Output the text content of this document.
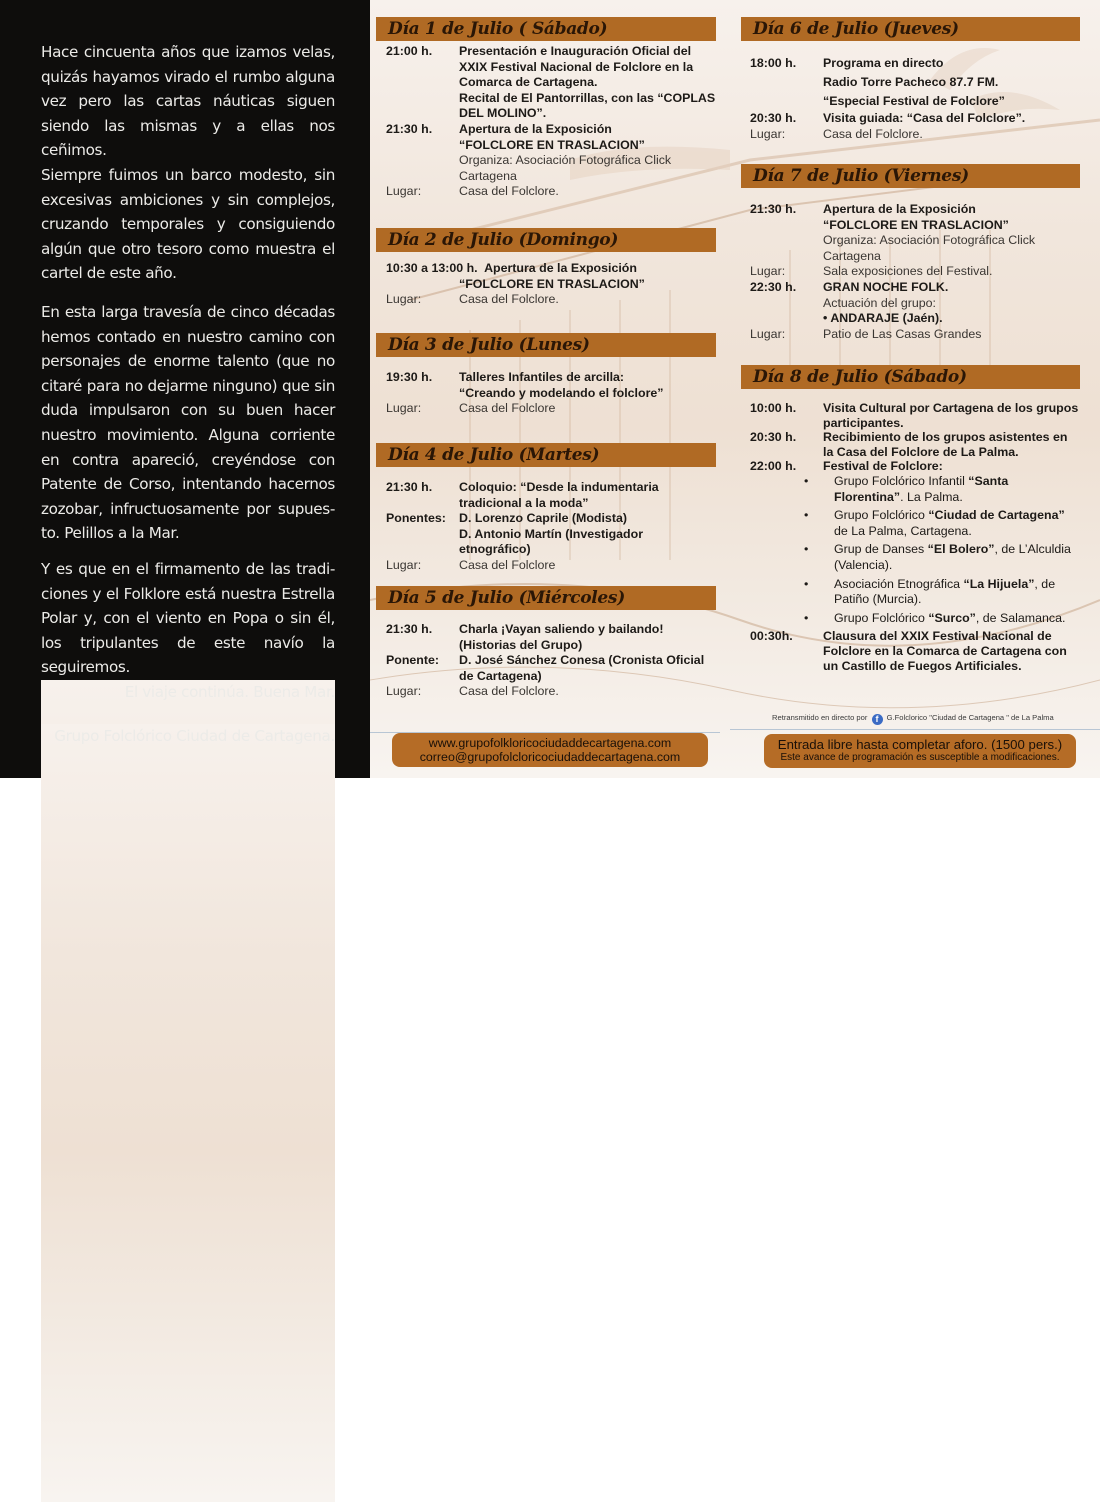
Hace cincuenta años que izamos velas, quizás hayamos virado el rumbo alguna vez pero las cartas náuticas siguen siendo las mismas y a ellas nos ceñimos.
Siempre fuimos un barco modesto, sin excesivas ambiciones y sin complejos, cruzando temporales y consiguiendo algún que otro tesoro como muestra el cartel de este año.
En esta larga travesía de cinco décadas hemos contado en nuestro camino con personajes de enorme talento (que no citaré para no dejarme ninguno) que sin duda impulsaron con su buen hacer nuestro movimiento. Alguna corriente en contra apareció, creyéndose con Patente de Corso, intentando hacernos zozobar, infructuosamente por supues-to. Pelillos a la Mar.
Y es que en el firmamento de las tradi-ciones y el Folklore está nuestra Estrella Polar y, con el viento en Popa o sin él, los tripulantes de este navío la seguiremos.
El viaje continúa. Buena Mar.
Grupo Folclórico Ciudad de Cartagena.
Día 1 de Julio ( Sábado)
21:00 h.	Presentación e Inauguración Oficial del XXIX Festival Nacional de Folclore en la Comarca de Cartagena.
Recital de El Pantorrillas, con las “COPLAS DEL MOLINO”.
21:30 h.	Apertura de la Exposición
“FOLCLORE EN TRASLACION”
Organiza: Asociación Fotográfica Click Cartagena
Lugar:	Casa del Folclore.
Día 2 de Julio (Domingo)
10:30 a 13:00 h. Apertura de la Exposición
“FOLCLORE EN TRASLACION”
Lugar:	Casa del Folclore.
Día 3 de Julio (Lunes)
19:30 h.	Talleres Infantiles de arcilla:
“Creando y modelando el folclore”
Lugar:	Casa del Folclore
Día 4 de Julio (Martes)
21:30 h.	Coloquio: “Desde la indumentaria tradicional a la moda”
Ponentes:	D. Lorenzo Caprile (Modista)
D. Antonio Martín (Investigador etnográfico)
Lugar:	Casa del Folclore
Día 5 de Julio (Miércoles)
21:30 h.	Charla ¡Vayan saliendo y bailando! (Historias del Grupo)
Ponente:	D. José Sánchez Conesa (Cronista Oficial de Cartagena)
Lugar:	Casa del Folclore.
www.grupofolkloricociudaddecartagena.com
correo@grupofolcloricociudaddecartagena.com
Día 6 de Julio (Jueves)
18:00 h.	Programa en directo
Radio Torre Pacheco 87.7 FM.
“Especial Festival de Folclore”
20:30 h.	Visita guiada: “Casa del Folclore”.
Lugar:	Casa del Folclore.
Día 7 de Julio (Viernes)
21:30 h.	Apertura de la Exposición
“FOLCLORE EN TRASLACION”
Organiza: Asociación Fotográfica Click Cartagena
Lugar:	Sala exposiciones del Festival.
22:30 h.	GRAN NOCHE FOLK.
Actuación del grupo:
• ANDARAJE (Jaén).
Lugar:	Patio de Las Casas Grandes
Día 8 de Julio (Sábado)
10:00 h.	Visita Cultural por Cartagena de los grupos participantes.
20:30 h.	Recibimiento de los grupos asistentes en la Casa del Folclore de La Palma.
22:00 h.	Festival de Folclore:
• Grupo Folclórico Infantil “Santa Florentina”. La Palma.
• Grupo Folclórico “Ciudad de Cartagena” de La Palma, Cartagena.
• Grup de Danses “El Bolero”, de L’Alculdia (Valencia).
• Asociación Etnográfica “La Hijuela”, de Patiño (Murcia).
• Grupo Folclórico “Surco”, de Salamanca.
00:30h.	Clausura del XXIX Festival Nacional de Folclore en la Comarca de Cartagena con un Castillo de Fuegos Artificiales.
Retransmitido en directo por f G.Folclorico "Ciudad de Cartagena " de La Palma
Entrada libre hasta completar aforo. (1500 pers.)
Este avance de programación es susceptible a modificaciones.
